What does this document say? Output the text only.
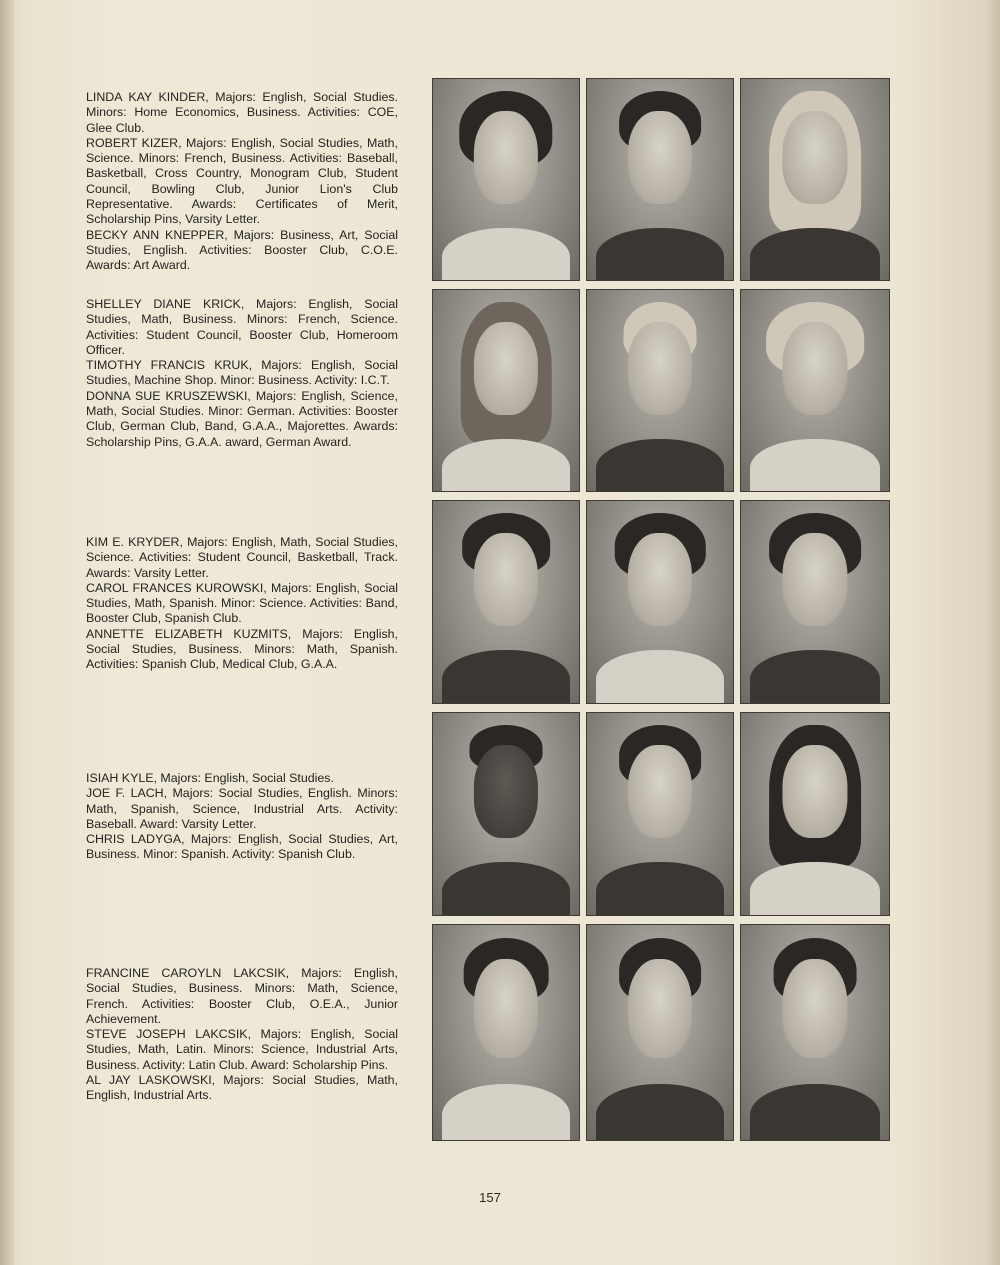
LINDA KAY KINDER, Majors: English, Social Studies. Minors: Home Economics, Business. Activities: COE, Glee Club.

ROBERT KIZER, Majors: English, Social Studies, Math, Science. Minors: French, Business. Activities: Baseball, Basketball, Cross Country, Monogram Club, Student Council, Bowling Club, Junior Lion's Club Representative. Awards: Certificates of Merit, Scholarship Pins, Varsity Letter.

BECKY ANN KNEPPER, Majors: Business, Art, Social Studies, English. Activities: Booster Club, C.O.E. Awards: Art Award.

SHELLEY DIANE KRICK, Majors: English, Social Studies, Math, Business. Minors: French, Science. Activities: Student Council, Booster Club, Homeroom Officer.

TIMOTHY FRANCIS KRUK, Majors: English, Social Studies, Machine Shop. Minor: Business. Activity: I.C.T.

DONNA SUE KRUSZEWSKI, Majors: English, Science, Math, Social Studies. Minor: German. Activities: Booster Club, German Club, Band, G.A.A., Majorettes. Awards: Scholarship Pins, G.A.A. award, German Award.

KIM E. KRYDER, Majors: English, Math, Social Studies, Science. Activities: Student Council, Basketball, Track. Awards: Varsity Letter.

CAROL FRANCES KUROWSKI, Majors: English, Social Studies, Math, Spanish. Minor: Science. Activities: Band, Booster Club, Spanish Club.

ANNETTE ELIZABETH KUZMITS, Majors: English, Social Studies, Business. Minors: Math, Spanish. Activities: Spanish Club, Medical Club, G.A.A.

ISIAH KYLE, Majors: English, Social Studies.

JOE F. LACH, Majors: Social Studies, English. Minors: Math, Spanish, Science, Industrial Arts. Activity: Baseball. Award: Varsity Letter.

CHRIS LADYGA, Majors: English, Social Studies, Art, Business. Minor: Spanish. Activity: Spanish Club.

FRANCINE CAROYLN LAKCSIK, Majors: English, Social Studies, Business. Minors: Math, Science, French. Activities: Booster Club, O.E.A., Junior Achievement.

STEVE JOSEPH LAKCSIK, Majors: English, Social Studies, Math, Latin. Minors: Science, Industrial Arts, Business. Activity: Latin Club. Award: Scholarship Pins.

AL JAY LASKOWSKI, Majors: Social Studies, Math, English, Industrial Arts.

157
